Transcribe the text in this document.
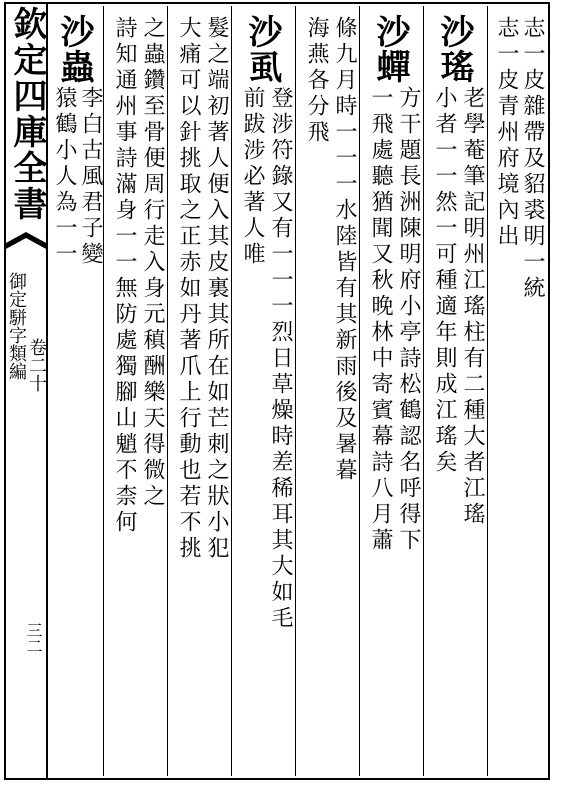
欽定四庫全書
御定駢字類編 卷二十
三二
志一皮雜帶及貂裘明一統
志一皮青州府境內出
沙瑤
老學菴筆記明州江瑤柱有二種大者江瑤
小者一一然一可種適年則成江瑤矣
沙蟬
方干題長洲陳明府小亭詩松鶴認名呼得下
一飛處聽猶聞又秋晚林中寄賓幕詩八月蕭
條九月時一一一水陸皆有其新雨後及暑暮
海燕各分飛
沙虱
登涉符錄又有一一一烈日草燥時差稀耳其大如毛
前跋涉必著人唯
髮之端初著人便入其皮裏其所在如芒刺之狀小犯
大痛可以針挑取之正赤如丹著爪上行動也若不挑
之蟲鑽至骨便周行走入身元稹酬樂天得微之
詩知通州事詩滿身一一無防處獨腳山魈不柰何
沙蟲
李白古風君子變
猿鶴小人為一一
